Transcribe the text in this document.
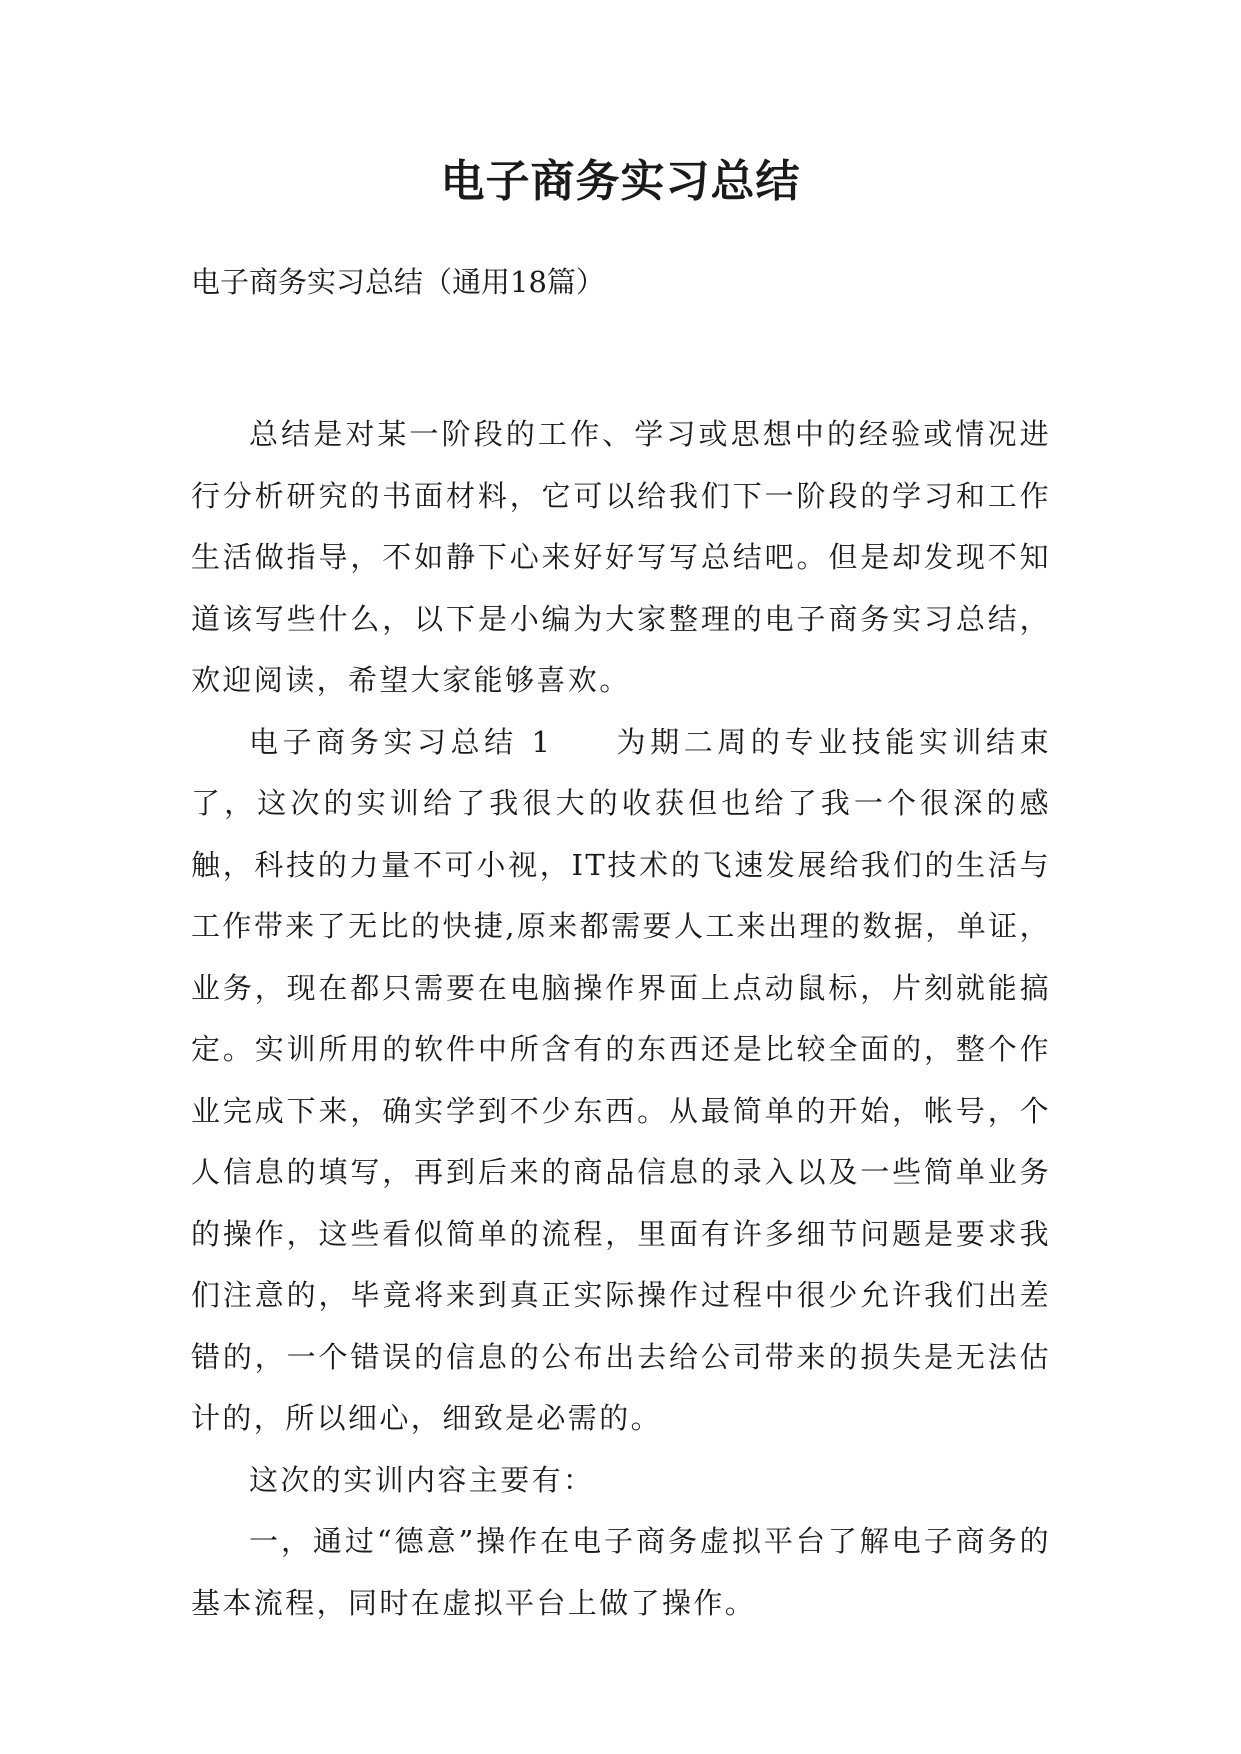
电子商务实习总结

电子商务实习总结（通用18篇）

总结是对某一阶段的工作、学习或思想中的经验或情况进行分析研究的书面材料，它可以给我们下一阶段的学习和工作生活做指导，不如静下心来好好写写总结吧。但是却发现不知道该写些什么，以下是小编为大家整理的电子商务实习总结，欢迎阅读，希望大家能够喜欢。

电子商务实习总结 1 为期二周的专业技能实训结束了，这次的实训给了我很大的收获但也给了我一个很深的感触，科技的力量不可小视，IT技术的飞速发展给我们的生活与工作带来了无比的快捷,原来都需要人工来出理的数据，单证，业务，现在都只需要在电脑操作界面上点动鼠标，片刻就能搞定。实训所用的软件中所含有的东西还是比较全面的，整个作业完成下来，确实学到不少东西。从最简单的开始，帐号，个人信息的填写，再到后来的商品信息的录入以及一些简单业务的操作，这些看似简单的流程，里面有许多细节问题是要求我们注意的，毕竟将来到真正实际操作过程中很少允许我们出差错的，一个错误的信息的公布出去给公司带来的损失是无法估计的，所以细心，细致是必需的。

这次的实训内容主要有：

一，通过“德意”操作在电子商务虚拟平台了解电子商务的基本流程，同时在虚拟平台上做了操作。
